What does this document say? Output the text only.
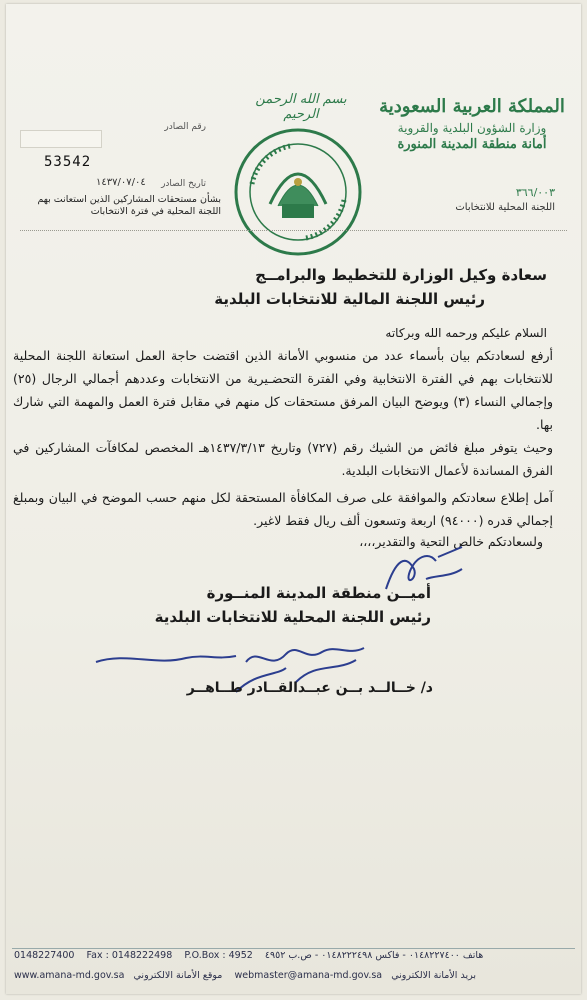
المملكة العربية السعودية
وزارة الشؤون البلدية والقروية
أمانة منطقة المدينة المنورة
٣٦٦/٠٠٣
اللجنة المحلية للانتخابات
بسم الله الرحمن الرحيم
رقم الصادر
53542
تاريخ الصادر
١٤٣٧/٠٧/٠٤
بشأن مستحقات المشاركين الذين استعانت بهم اللجنة المحلية في فترة الانتخابات
سعادة وكيل الوزارة للتخطيط والبرامــج
رئيس اللجنة المالية للانتخابات البلدية
السلام عليكم ورحمه الله وبركاته
أرفع لسعادتكم بيان بأسماء عدد من منسوبي الأمانة الذين اقتضت حاجة العمل استعانة اللجنة المحلية للانتخابات بهم في الفترة الانتخابية وفي الفترة التحضـيرية من الانتخابات وعددهم أجمالي الرجال (٢٥) وإجمالي النساء (٣) ويوضح البيان المرفق مستحقات كل منهم في مقابل فترة العمل والمهمة التي شارك بها.
وحيث يتوفر مبلغ فائض من الشيك رقم (٧٢٧) وتاريخ ١٤٣٧/٣/١٣هـ المخصص لمكافآت المشاركين في الفرق المساندة لأعمال الانتخابات البلدية.
آمل إطلاع سعادتكم والموافقة على صرف المكافأة المستحقة لكل منهم حسب الموضح في البيان وبمبلغ إجمالي قدره (٩٤٠٠٠) اربعة وتسعون ألف ريال فقط لاغير.
ولسعادتكم خالص التحية والتقدير،،،،
أميــن منطقة المدينة المنــورة
رئيس اللجنة المحلية للانتخابات البلدية
د/ خــالــد بــن عبــدالقــادر طــاهــر
0148227400 Fax : 0148222498 P.O.Box : 4952 هاتف ٠١٤٨٢٢٧٤٠٠ - فاكس ٠١٤٨٢٢٢٤٩٨ - ص.ب ٤٩٥٢
www.amana-md.gov.sa موقع الأمانة الالكتروني webmaster@amana-md.gov.sa بريد الأمانة الالكتروني
